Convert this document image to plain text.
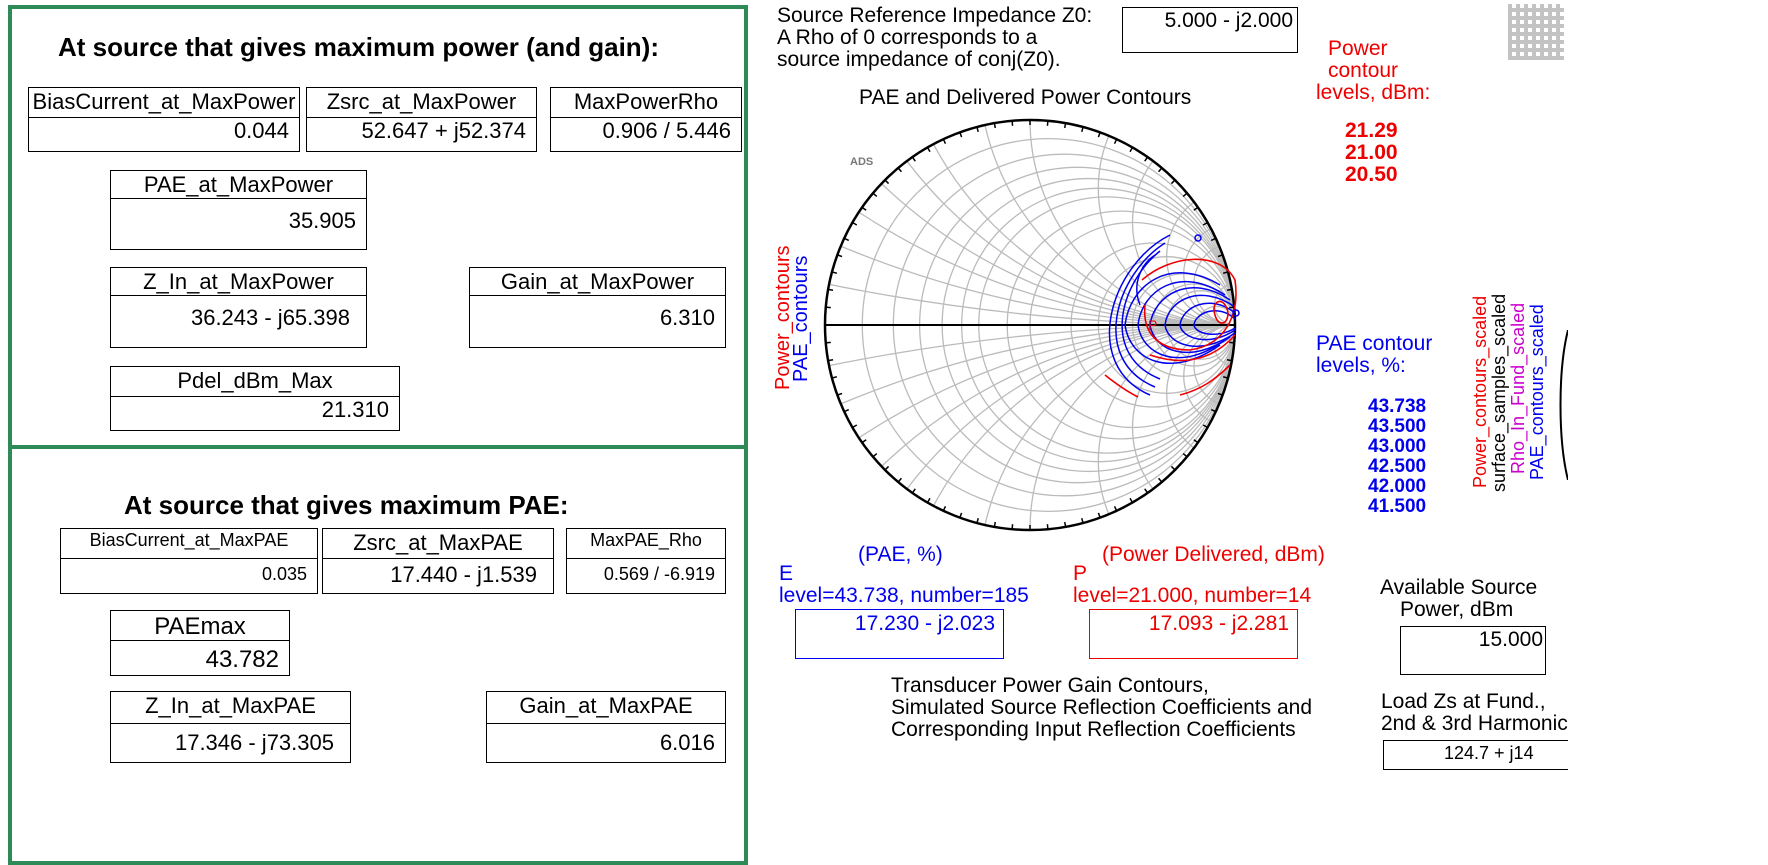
At source that gives maximum power (and gain):
BiasCurrent_at_MaxPower
0.044
Zsrc_at_MaxPower
52.647 + j52.374
MaxPowerRho
0.906 / 5.446
PAE_at_MaxPower
35.905
Z_In_at_MaxPower
36.243 - j65.398
Gain_at_MaxPower
6.310
Pdel_dBm_Max
21.310
At source that gives maximum PAE:
BiasCurrent_at_MaxPAE
0.035
Zsrc_at_MaxPAE
17.440 - j1.539
MaxPAE_Rho
0.569 / -6.919
PAEmax
43.782
Z_In_at_MaxPAE
17.346 - j73.305
Gain_at_MaxPAE
6.016
Source Reference Impedance Z0:
A Rho of 0 corresponds to a
source impedance of conj(Z0).
5.000 - j2.000
Power
contour
levels, dBm:
21.29
21.00
20.50
PAE and Delivered Power Contours
ADS
P
Power_contours
PAE_contours	Power_contours_scaled surface_samples_scaled Rho_In_Fund_scaled PAE_contours_scaled
PAE contour
levels, %:
43.738
43.500
43.000
42.500
42.000
41.500
(PAE, %)
E
level=43.738, number=185
17.230 - j2.023
(Power Delivered, dBm)
P
level=21.000, number=14
17.093 - j2.281
Available Source
Power, dBm
15.000
Transducer Power Gain Contours,
Simulated Source Reflection Coefficients and
Corresponding Input Reflection Coefficients
Load Zs at Fund.,
2nd & 3rd Harmonic
124.7 + j14
